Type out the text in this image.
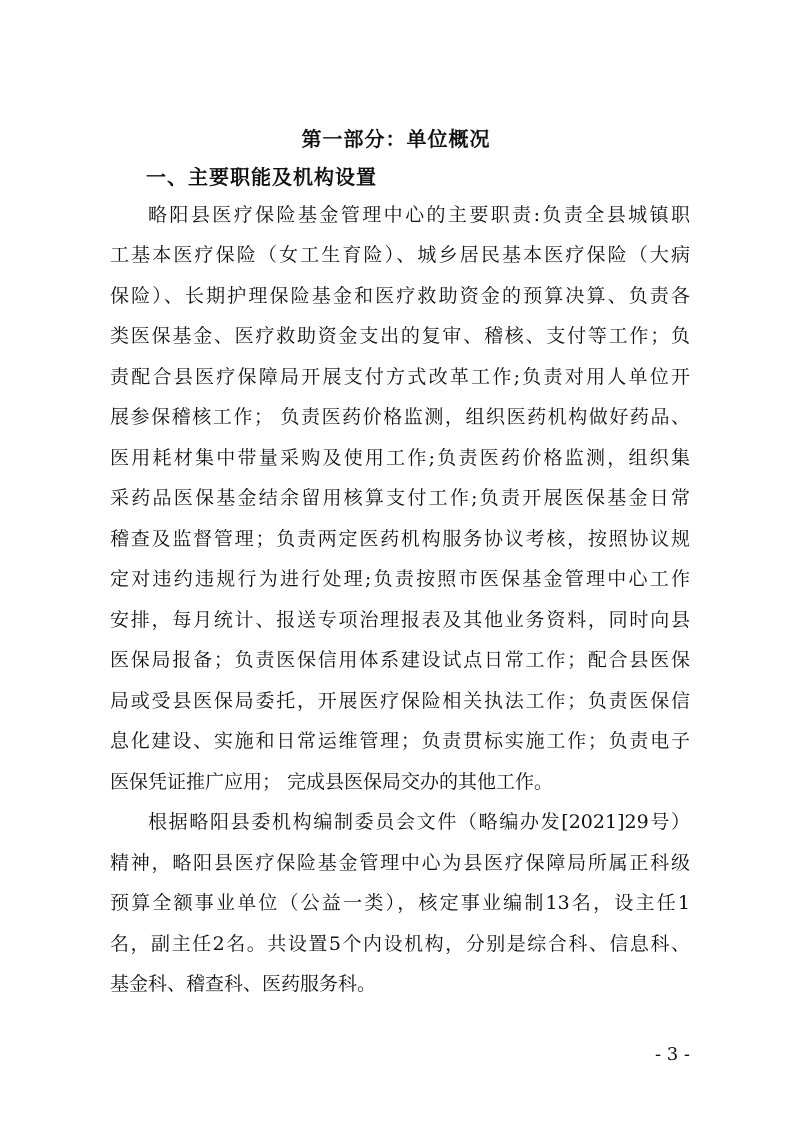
第一部分：单位概况
一、主要职能及机构设置
略阳县医疗保险基金管理中心的主要职责:负责全县城镇职
工基本医疗保险（女工生育险）、城乡居民基本医疗保险（大病
保险）、长期护理保险基金和医疗救助资金的预算决算、负责各
类医保基金、医疗救助资金支出的复审、稽核、支付等工作；负
责配合县医疗保障局开展支付方式改革工作;负责对用人单位开
展参保稽核工作； 负责医药价格监测，组织医药机构做好药品、
医用耗材集中带量采购及使用工作;负责医药价格监测，组织集
采药品医保基金结余留用核算支付工作;负责开展医保基金日常
稽查及监督管理；负责两定医药机构服务协议考核，按照协议规
定对违约违规行为进行处理;负责按照市医保基金管理中心工作
安排，每月统计、报送专项治理报表及其他业务资料，同时向县
医保局报备；负责医保信用体系建设试点日常工作；配合县医保
局或受县医保局委托，开展医疗保险相关执法工作；负责医保信
息化建设、实施和日常运维管理；负责贯标实施工作；负责电子
医保凭证推广应用； 完成县医保局交办的其他工作。
根据略阳县委机构编制委员会文件（略编办发[2021]29号）
精神，略阳县医疗保险基金管理中心为县医疗保障局所属正科级
预算全额事业单位（公益一类），核定事业编制13名，设主任1
名，副主任2名。共设置5个内设机构，分别是综合科、信息科、
基金科、稽查科、医药服务科。
- 3 -
